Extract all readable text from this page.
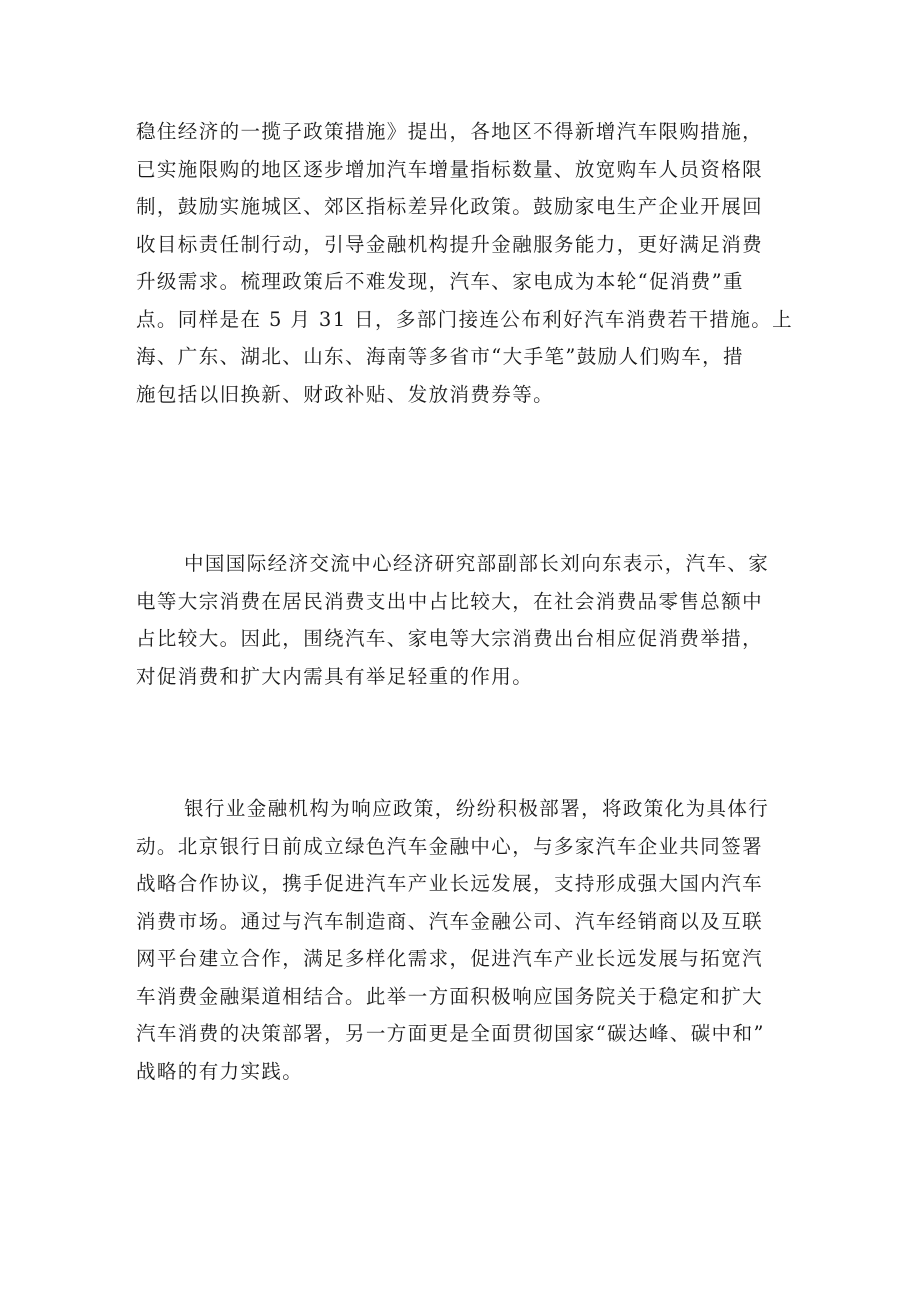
稳住经济的一揽子政策措施》提出，各地区不得新增汽车限购措施，
已实施限购的地区逐步增加汽车增量指标数量、放宽购车人员资格限
制，鼓励实施城区、郊区指标差异化政策。鼓励家电生产企业开展回
收目标责任制行动，引导金融机构提升金融服务能力，更好满足消费
升级需求。梳理政策后不难发现，汽车、家电成为本轮“促消费”重
点。同样是在 5 月 31 日，多部门接连公布利好汽车消费若干措施。上
海、广东、湖北、山东、海南等多省市“大手笔”鼓励人们购车，措
施包括以旧换新、财政补贴、发放消费券等。

中国国际经济交流中心经济研究部副部长刘向东表示，汽车、家
电等大宗消费在居民消费支出中占比较大，在社会消费品零售总额中
占比较大。因此，围绕汽车、家电等大宗消费出台相应促消费举措，
对促消费和扩大内需具有举足轻重的作用。

银行业金融机构为响应政策，纷纷积极部署，将政策化为具体行
动。北京银行日前成立绿色汽车金融中心，与多家汽车企业共同签署
战略合作协议，携手促进汽车产业长远发展，支持形成强大国内汽车
消费市场。通过与汽车制造商、汽车金融公司、汽车经销商以及互联
网平台建立合作，满足多样化需求，促进汽车产业长远发展与拓宽汽
车消费金融渠道相结合。此举一方面积极响应国务院关于稳定和扩大
汽车消费的决策部署，另一方面更是全面贯彻国家“碳达峰、碳中和”
战略的有力实践。
